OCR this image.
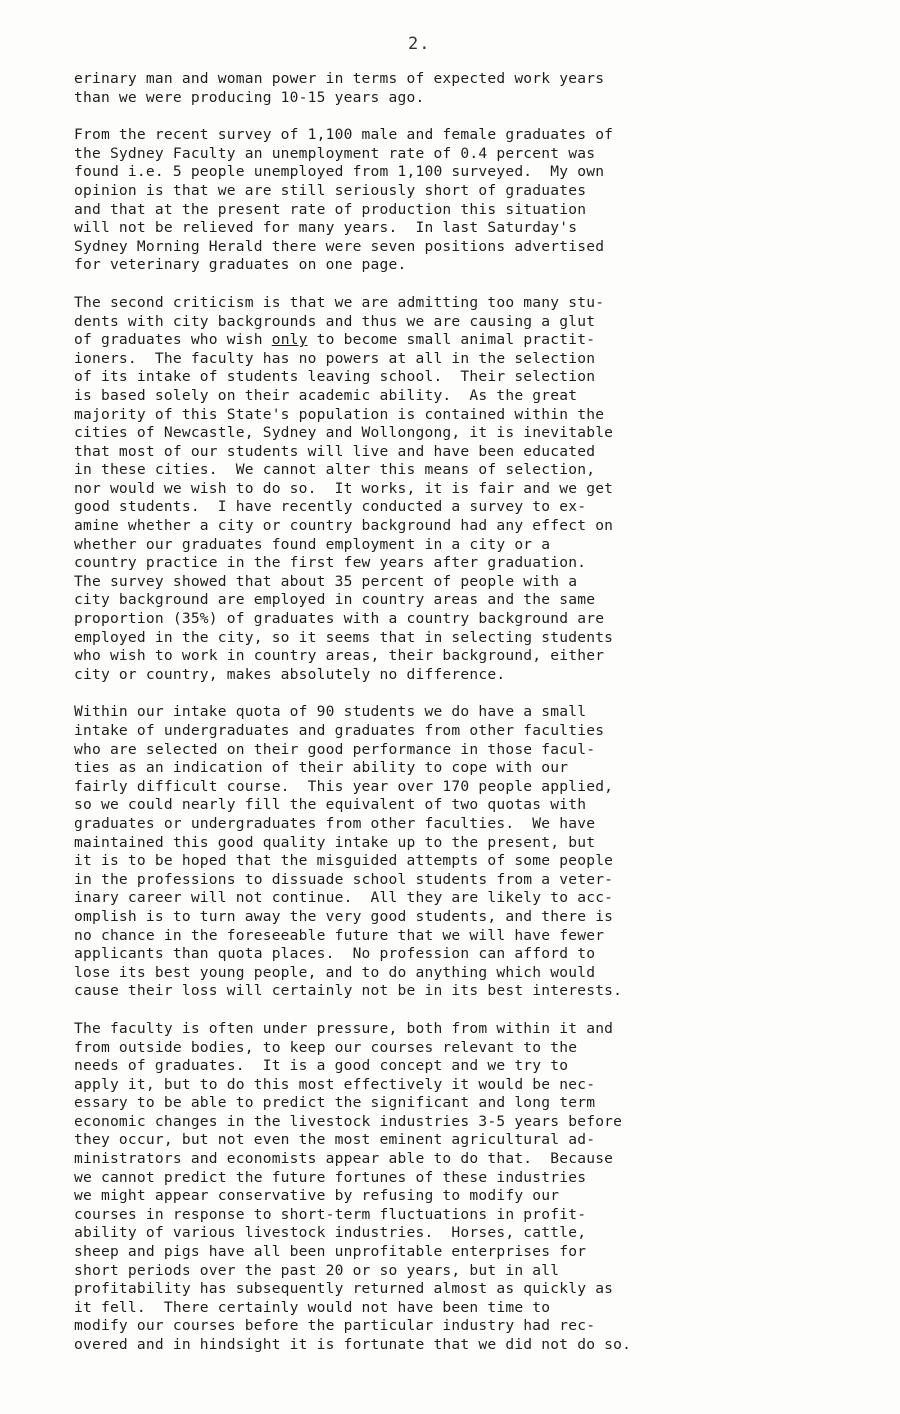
2.
erinary man and woman power in terms of expected work years
than we were producing 10-15 years ago.
From the recent survey of 1,100 male and female graduates of
the Sydney Faculty an unemployment rate of 0.4 percent was
found i.e. 5 people unemployed from 1,100 surveyed.  My own
opinion is that we are still seriously short of graduates
and that at the present rate of production this situation
will not be relieved for many years.  In last Saturday's
Sydney Morning Herald there were seven positions advertised
for veterinary graduates on one page.
The second criticism is that we are admitting too many stu-
dents with city backgrounds and thus we are causing a glut
of graduates who wish only to become small animal practit-
ioners.  The faculty has no powers at all in the selection
of its intake of students leaving school.  Their selection
is based solely on their academic ability.  As the great
majority of this State's population is contained within the
cities of Newcastle, Sydney and Wollongong, it is inevitable
that most of our students will live and have been educated
in these cities.  We cannot alter this means of selection,
nor would we wish to do so.  It works, it is fair and we get
good students.  I have recently conducted a survey to ex-
amine whether a city or country background had any effect on
whether our graduates found employment in a city or a
country practice in the first few years after graduation.
The survey showed that about 35 percent of people with a
city background are employed in country areas and the same
proportion (35%) of graduates with a country background are
employed in the city, so it seems that in selecting students
who wish to work in country areas, their background, either
city or country, makes absolutely no difference.
Within our intake quota of 90 students we do have a small
intake of undergraduates and graduates from other faculties
who are selected on their good performance in those facul-
ties as an indication of their ability to cope with our
fairly difficult course.  This year over 170 people applied,
so we could nearly fill the equivalent of two quotas with
graduates or undergraduates from other faculties.  We have
maintained this good quality intake up to the present, but
it is to be hoped that the misguided attempts of some people
in the professions to dissuade school students from a veter-
inary career will not continue.  All they are likely to acc-
omplish is to turn away the very good students, and there is
no chance in the foreseeable future that we will have fewer
applicants than quota places.  No profession can afford to
lose its best young people, and to do anything which would
cause their loss will certainly not be in its best interests.
The faculty is often under pressure, both from within it and
from outside bodies, to keep our courses relevant to the
needs of graduates.  It is a good concept and we try to
apply it, but to do this most effectively it would be nec-
essary to be able to predict the significant and long term
economic changes in the livestock industries 3-5 years before
they occur, but not even the most eminent agricultural ad-
ministrators and economists appear able to do that.  Because
we cannot predict the future fortunes of these industries
we might appear conservative by refusing to modify our
courses in response to short-term fluctuations in profit-
ability of various livestock industries.  Horses, cattle,
sheep and pigs have all been unprofitable enterprises for
short periods over the past 20 or so years, but in all
profitability has subsequently returned almost as quickly as
it fell.  There certainly would not have been time to
modify our courses before the particular industry had rec-
overed and in hindsight it is fortunate that we did not do so.
